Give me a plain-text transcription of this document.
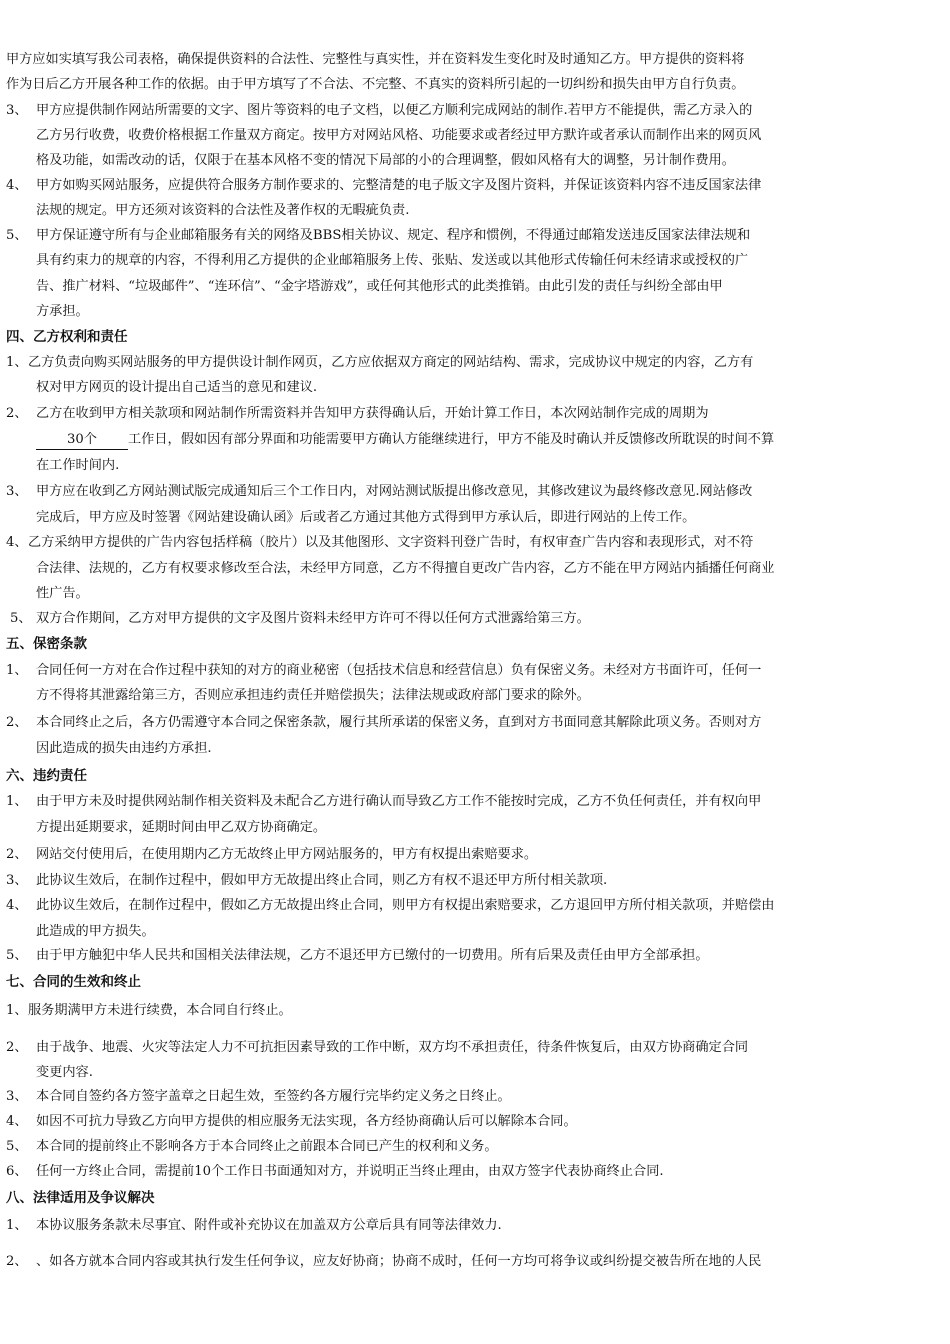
甲方应如实填写我公司表格，确保提供资料的合法性、完整性与真实性，并在资料发生变化时及时通知乙方。甲方提供的资料将
作为日后乙方开展各种工作的依据。由于甲方填写了不合法、不完整、不真实的资料所引起的一切纠纷和损失由甲方自行负责。
3、 甲方应提供制作网站所需要的文字、图片等资料的电子文档，以便乙方顺利完成网站的制作.若甲方不能提供，需乙方录入的
乙方另行收费，收费价格根据工作量双方商定。按甲方对网站风格、功能要求或者经过甲方默许或者承认而制作出来的网页风
格及功能，如需改动的话，仅限于在基本风格不变的情况下局部的小的合理调整，假如风格有大的调整，另计制作费用。
4、 甲方如购买网站服务，应提供符合服务方制作要求的、完整清楚的电子版文字及图片资料，并保证该资料内容不违反国家法律
法规的规定。甲方还须对该资料的合法性及著作权的无暇疵负责.
5、 甲方保证遵守所有与企业邮箱服务有关的网络及BBS相关协议、规定、程序和惯例，不得通过邮箱发送违反国家法律法规和
具有约束力的规章的内容，不得利用乙方提供的企业邮箱服务上传、张贴、发送或以其他形式传输任何未经请求或授权的广
告、推广材料、“垃圾邮件”、“连环信”、“金字塔游戏”，或任何其他形式的此类推销。由此引发的责任与纠纷全部由甲
方承担。
四、乙方权利和责任
1、 乙方负责向购买网站服务的甲方提供设计制作网页，乙方应依据双方商定的网站结构、需求，完成协议中规定的内容，乙方有
权对甲方网页的设计提出自己适当的意见和建议.
2、 乙方在收到甲方相关款项和网站制作所需资料并告知甲方获得确认后，开始计算工作日，本次网站制作完成的周期为
30个 工作日，假如因有部分界面和功能需要甲方确认方能继续进行，甲方不能及时确认并反馈修改所耽误的时间不算
在工作时间内.
3、 甲方应在收到乙方网站测试版完成通知后三个工作日内，对网站测试版提出修改意见，其修改建议为最终修改意见.网站修改
完成后，甲方应及时签署《网站建设确认函》后或者乙方通过其他方式得到甲方承认后，即进行网站的上传工作。
4、 乙方采纳甲方提供的广告内容包括样稿（胶片）以及其他图形、文字资料刊登广告时，有权审查广告内容和表现形式，对不符
合法律、法规的，乙方有权要求修改至合法，未经甲方同意，乙方不得擅自更改广告内容，乙方不能在甲方网站内插播任何商业
性广告。
5、 双方合作期间，乙方对甲方提供的文字及图片资料未经甲方许可不得以任何方式泄露给第三方。
五、保密条款
1、 合同任何一方对在合作过程中获知的对方的商业秘密（包括技术信息和经营信息）负有保密义务。未经对方书面许可，任何一
方不得将其泄露给第三方，否则应承担违约责任并赔偿损失；法律法规或政府部门要求的除外。
2、 本合同终止之后，各方仍需遵守本合同之保密条款，履行其所承诺的保密义务，直到对方书面同意其解除此项义务。否则对方
因此造成的损失由违约方承担.
六、违约责任
1、 由于甲方未及时提供网站制作相关资料及未配合乙方进行确认而导致乙方工作不能按时完成，乙方不负任何责任，并有权向甲
方提出延期要求，延期时间由甲乙双方协商确定。
2、 网站交付使用后，在使用期内乙方无故终止甲方网站服务的，甲方有权提出索赔要求。
3、 此协议生效后，在制作过程中，假如甲方无故提出终止合同，则乙方有权不退还甲方所付相关款项.
4、 此协议生效后，在制作过程中，假如乙方无故提出终止合同，则甲方有权提出索赔要求，乙方退回甲方所付相关款项，并赔偿由
此造成的甲方损失。
5、 由于甲方触犯中华人民共和国相关法律法规，乙方不退还甲方已缴付的一切费用。所有后果及责任由甲方全部承担。
七、合同的生效和终止
1、 服务期满甲方未进行续费，本合同自行终止。
2、 由于战争、地震、火灾等法定人力不可抗拒因素导致的工作中断，双方均不承担责任，待条件恢复后，由双方协商确定合同
变更内容.
3、 本合同自签约各方签字盖章之日起生效，至签约各方履行完毕约定义务之日终止。
4、 如因不可抗力导致乙方向甲方提供的相应服务无法实现，各方经协商确认后可以解除本合同。
5、 本合同的提前终止不影响各方于本合同终止之前跟本合同已产生的权利和义务。
6、 任何一方终止合同，需提前10个工作日书面通知对方，并说明正当终止理由，由双方签字代表协商终止合同.
八、法律适用及争议解决
1、 本协议服务条款未尽事宜、附件或补充协议在加盖双方公章后具有同等法律效力.
2、 、如各方就本合同内容或其执行发生任何争议，应友好协商；协商不成时，任何一方均可将争议或纠纷提交被告所在地的人民
